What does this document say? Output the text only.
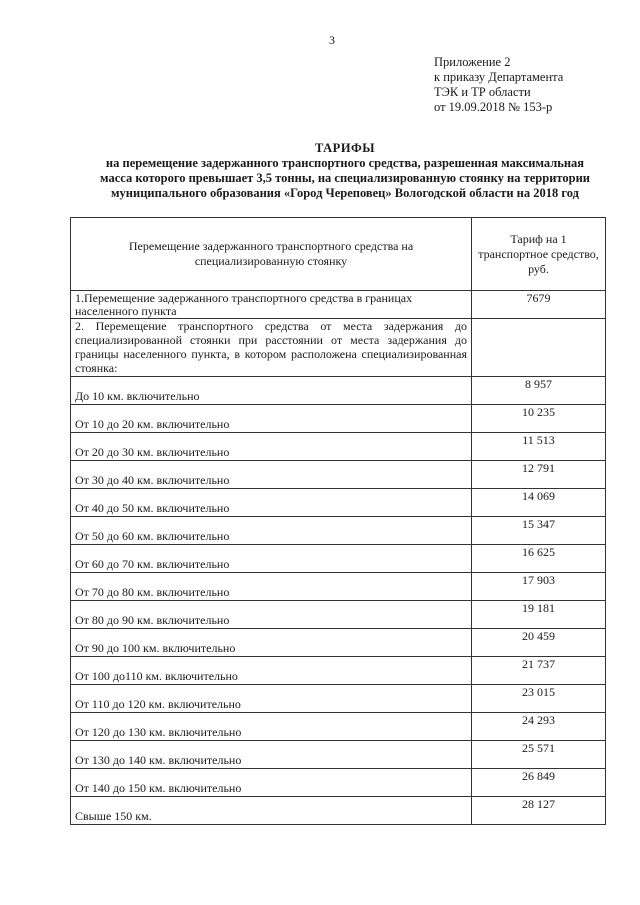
3
Приложение 2
к приказу Департамента
ТЭК и ТР области
от 19.09.2018 № 153-р
ТАРИФЫ
на перемещение задержанного транспортного средства, разрешенная максимальная
масса которого превышает 3,5 тонны, на специализированную стоянку на территории
муниципального образования «Город Череповец» Вологодской области на 2018 год
Перемещение задержанного транспортного средства на специализированную стоянку	Тариф на 1 транспортное средство, руб.
1.Перемещение задержанного транспортного средства в границах населенного пункта	7679
2. Перемещение транспортного средства от места задержания до специализированной стоянки при расстоянии от места задержания до границы населенного пункта, в котором расположена специализированная стоянка:	
До 10 км. включительно	8 957
От 10 до 20 км. включительно	10 235
От 20 до 30 км. включительно	11 513
От 30 до 40 км. включительно	12 791
От 40 до 50 км. включительно	14 069
От 50 до 60 км. включительно	15 347
От 60 до 70 км. включительно	16 625
От 70 до 80 км. включительно	17 903
От 80 до 90 км. включительно	19 181
От 90 до 100 км. включительно	20 459
От 100 до110 км. включительно	21 737
От 110 до 120 км. включительно	23 015
От 120 до 130 км. включительно	24 293
От 130 до 140 км. включительно	25 571
От 140 до 150 км. включительно	26 849
Свыше 150 км.	28 127
